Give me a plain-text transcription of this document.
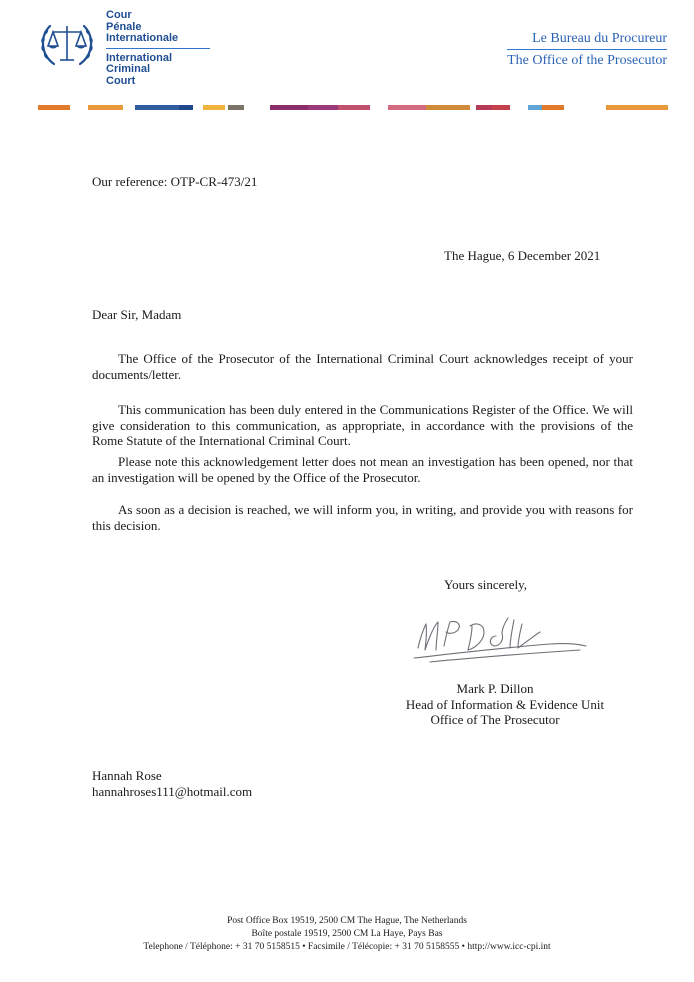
Cour
Pénale
Internationale
International
Criminal
Court
Le Bureau du Procureur
The Office of the Prosecutor
Our reference: OTP-CR-473/21
The Hague, 6 December 2021
Dear Sir, Madam

The Office of the Prosecutor of the International Criminal Court acknowledges receipt of your documents/letter.

This communication has been duly entered in the Communications Register of the Office. We will give consideration to this communication, as appropriate, in accordance with the provisions of the Rome Statute of the International Criminal Court.

Please note this acknowledgement letter does not mean an investigation has been opened, nor that an investigation will be opened by the Office of the Prosecutor.

As soon as a decision is reached, we will inform you, in writing, and provide you with reasons for this decision.

Yours sincerely,
Mark P. Dillon
Head of Information & Evidence Unit
Office of The Prosecutor
Hannah Rose
hannahroses111@hotmail.com
Post Office Box 19519, 2500 CM The Hague, The Netherlands
Boîte postale 19519, 2500 CM La Haye, Pays Bas
Telephone / Téléphone: + 31 70 5158515 • Facsimile / Télécopie: + 31 70 5158555 • http://www.icc-cpi.int
